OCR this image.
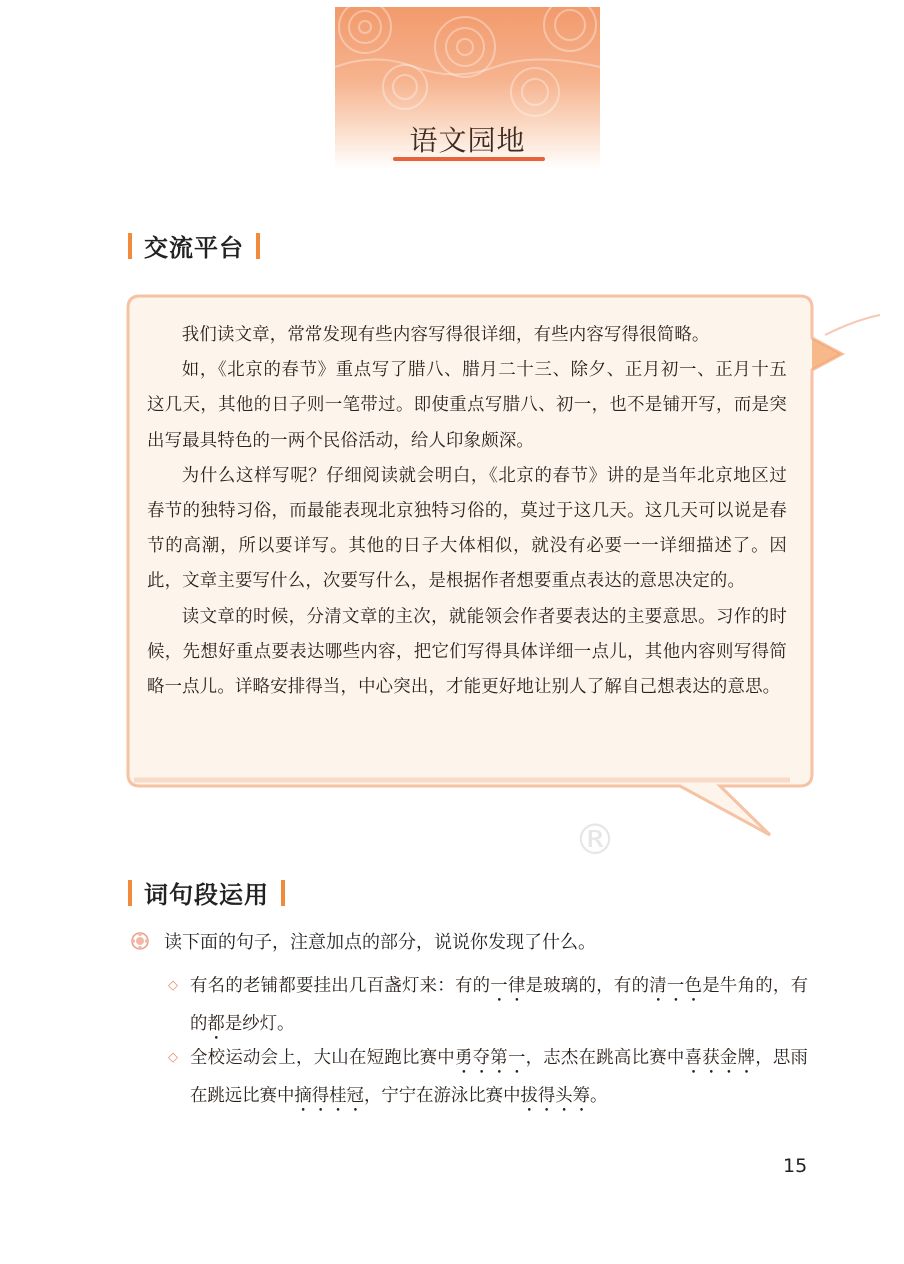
语文园地
交流平台

我们读文章，常常发现有些内容写得很详细，有些内容写得很简略。

如，《北京的春节》重点写了腊八、腊月二十三、除夕、正月初一、正月十五这几天，其他的日子则一笔带过。即使重点写腊八、初一，也不是铺开写，而是突出写最具特色的一两个民俗活动，给人印象颇深。

为什么这样写呢？仔细阅读就会明白，《北京的春节》讲的是当年北京地区过春节的独特习俗，而最能表现北京独特习俗的，莫过于这几天。这几天可以说是春节的高潮，所以要详写。其他的日子大体相似，就没有必要一一详细描述了。因此，文章主要写什么，次要写什么，是根据作者想要重点表达的意思决定的。

读文章的时候，分清文章的主次，就能领会作者要表达的主要意思。习作的时候，先想好重点要表达哪些内容，把它们写得具体详细一点儿，其他内容则写得简略一点儿。详略安排得当，中心突出，才能更好地让别人了解自己想表达的意思。

®
词句段运用
读下面的句子，注意加点的部分，说说你发现了什么。
◇ 有名的老铺都要挂出几百盏灯来：有的一律是玻璃的，有的清一色是牛角的，有的都是纱灯。
◇ 全校运动会上，大山在短跑比赛中勇夺第一，志杰在跳高比赛中喜获金牌，思雨在跳远比赛中摘得桂冠，宁宁在游泳比赛中拔得头筹。
15
